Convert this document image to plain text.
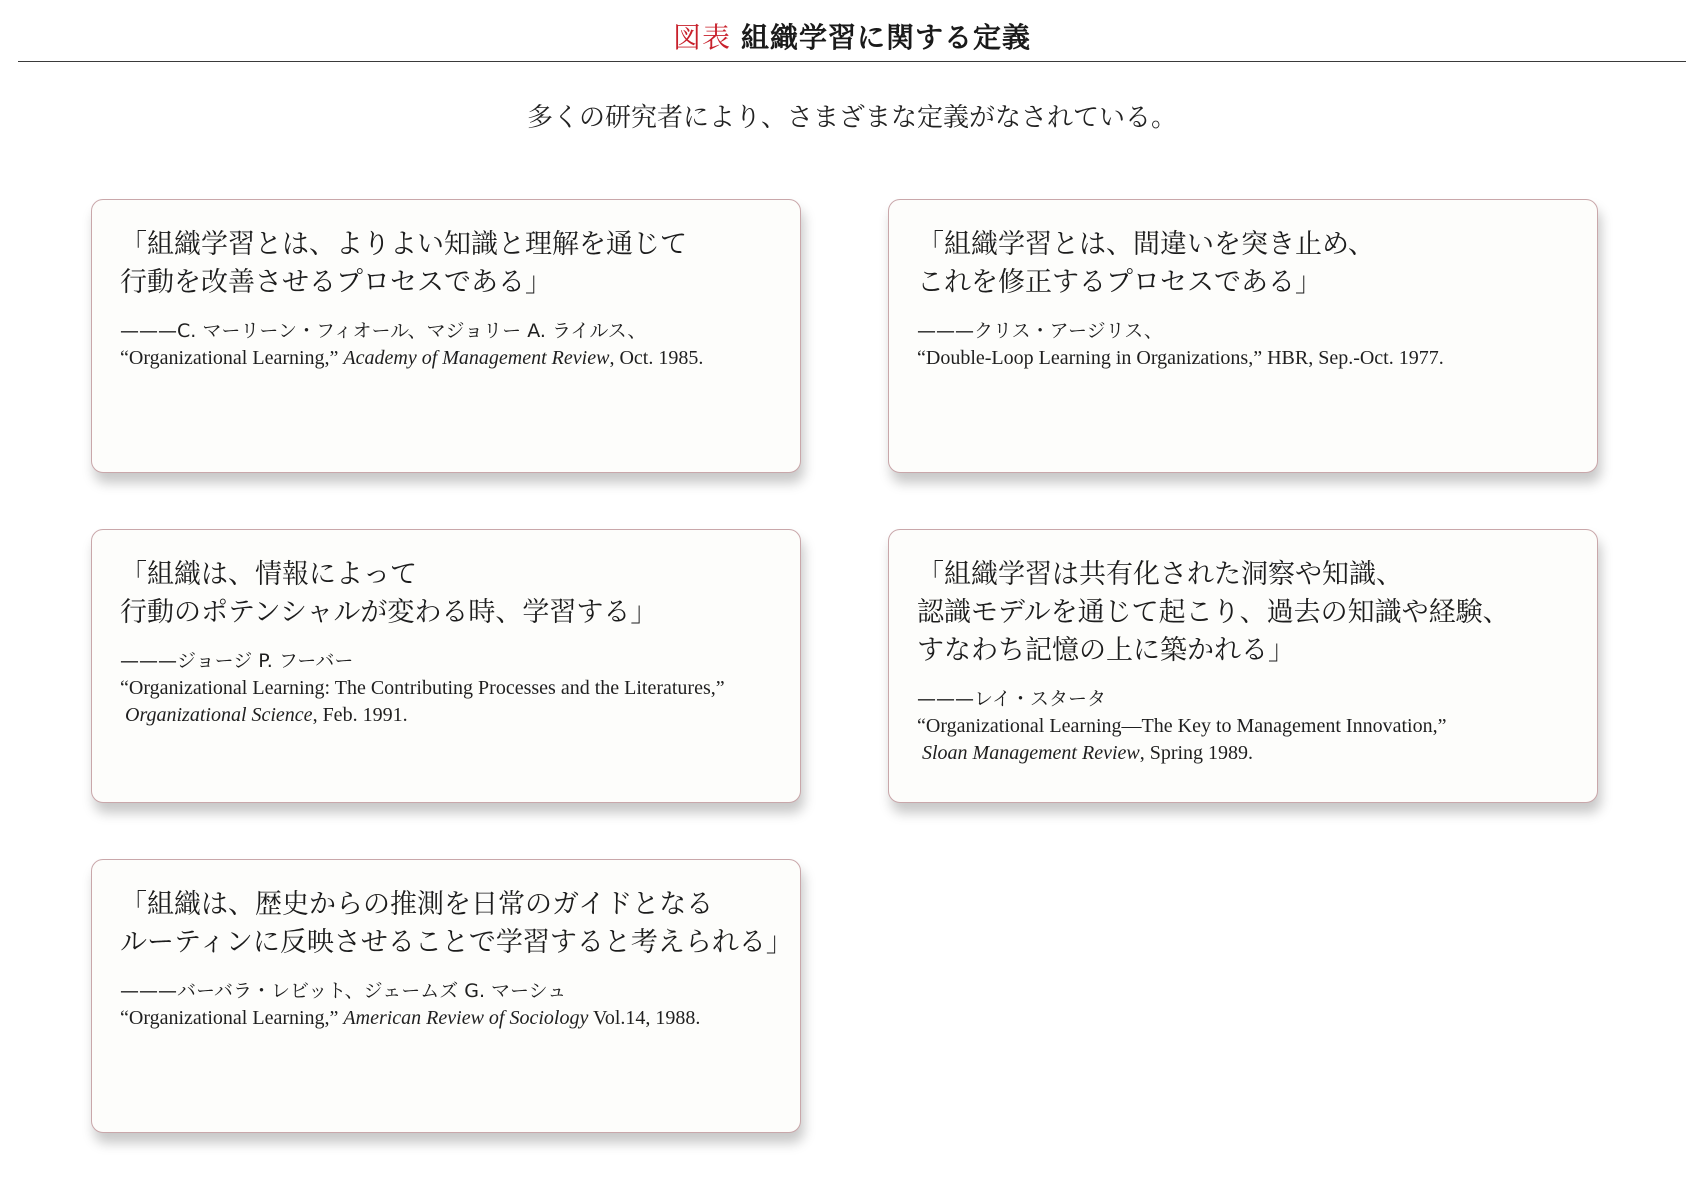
図表 組織学習に関する定義
多くの研究者により、さまざまな定義がなされている。
「組織学習とは、よりよい知識と理解を通じて
行動を改善させるプロセスである」
———C. マーリーン・フィオール、マジョリー A. ライルス、
“Organizational Learning,” Academy of Management Review, Oct. 1985.
「組織学習とは、間違いを突き止め、
これを修正するプロセスである」
———クリス・アージリス、
“Double-Loop Learning in Organizations,” HBR, Sep.-Oct. 1977.
「組織は、情報によって
行動のポテンシャルが変わる時、学習する」
———ジョージ P. フーバー
“Organizational Learning: The Contributing Processes and the Literatures,”
Organizational Science, Feb. 1991.
「組織学習は共有化された洞察や知識、
認識モデルを通じて起こり、過去の知識や経験、
すなわち記憶の上に築かれる」
———レイ・スタータ
“Organizational Learning—The Key to Management Innovation,”
Sloan Management Review, Spring 1989.
「組織は、歴史からの推測を日常のガイドとなる
ルーティンに反映させることで学習すると考えられる」
———バーバラ・レビット、ジェームズ G. マーシュ
“Organizational Learning,” American Review of Sociology Vol.14, 1988.
